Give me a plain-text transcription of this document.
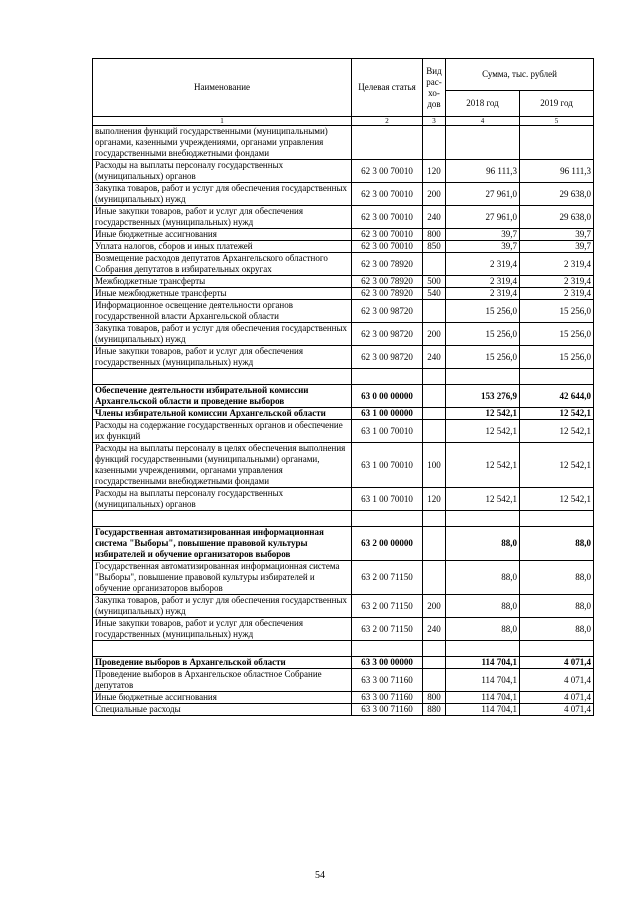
Наименование	Целевая статья	Вид рас-хо-дов	Сумма, тыс. рублей	
			2018 год	2019 год
1	2	3	4	5
выполнения функций государственными (муниципальными) органами, казенными учреждениями, органами управления государственными внебюджетными фондами				
Расходы на выплаты персоналу государственных (муниципальных) органов	62 3 00 70010	120	96 111,3	96 111,3
Закупка товаров, работ и услуг для обеспечения государственных (муниципальных) нужд	62 3 00 70010	200	27 961,0	29 638,0
Иные закупки товаров, работ и услуг для обеспечения государственных (муниципальных) нужд	62 3 00 70010	240	27 961,0	29 638,0
Иные бюджетные ассигнования	62 3 00 70010	800	39,7	39,7
Уплата налогов, сборов и иных платежей	62 3 00 70010	850	39,7	39,7
Возмещение расходов депутатов Архангельского областного Собрания депутатов в избирательных округах	62 3 00 78920		2 319,4	2 319,4
Межбюджетные трансферты	62 3 00 78920	500	2 319,4	2 319,4
Иные межбюджетные трансферты	62 3 00 78920	540	2 319,4	2 319,4
Информационное освещение деятельности органов государственной власти Архангельской области	62 3 00 98720		15 256,0	15 256,0
Закупка товаров, работ и услуг для обеспечения государственных (муниципальных) нужд	62 3 00 98720	200	15 256,0	15 256,0
Иные закупки товаров, работ и услуг для обеспечения государственных (муниципальных) нужд	62 3 00 98720	240	15 256,0	15 256,0

Обеспечение деятельности избирательной комиссии Архангельской области и проведение выборов	63 0 00 00000		153 276,9	42 644,0
Члены избирательной комиссии Архангельской области	63 1 00 00000		12 542,1	12 542,1
Расходы на содержание государственных органов и обеспечение их функций	63 1 00 70010		12 542,1	12 542,1
Расходы на выплаты персоналу в целях обеспечения выполнения функций государственными (муниципальными) органами, казенными учреждениями, органами управления государственными внебюджетными фондами	63 1 00 70010	100	12 542,1	12 542,1
Расходы на выплаты персоналу государственных (муниципальных) органов	63 1 00 70010	120	12 542,1	12 542,1

Государственная автоматизированная информационная система "Выборы", повышение правовой культуры избирателей и обучение организаторов выборов	63 2 00 00000		88,0	88,0
Государственная автоматизированная информационная система "Выборы", повышение правовой культуры избирателей и обучение организаторов выборов	63 2 00 71150		88,0	88,0
Закупка товаров, работ и услуг для обеспечения государственных (муниципальных) нужд	63 2 00 71150	200	88,0	88,0
Иные закупки товаров, работ и услуг для обеспечения государственных (муниципальных) нужд	63 2 00 71150	240	88,0	88,0

Проведение выборов в Архангельской области	63 3 00 00000		114 704,1	4 071,4
Проведение выборов в Архангельское областное Собрание депутатов	63 3 00 71160		114 704,1	4 071,4
Иные бюджетные ассигнования	63 3 00 71160	800	114 704,1	4 071,4
Специальные расходы	63 3 00 71160	880	114 704,1	4 071,4
54
